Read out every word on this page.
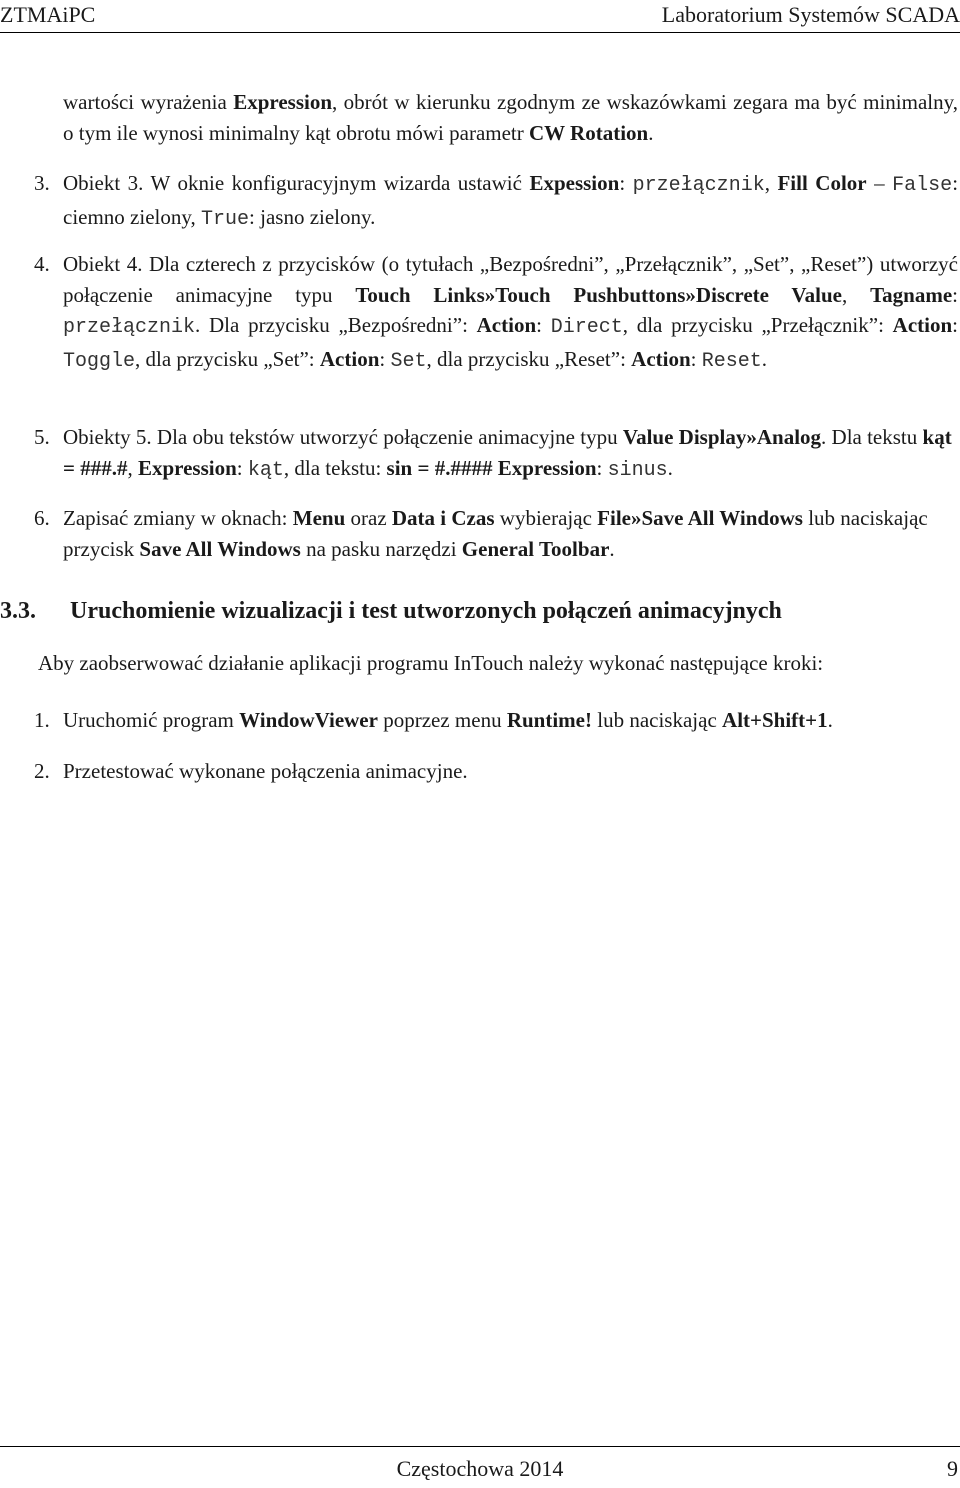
ZTMAiPC	Laboratorium Systemów SCADA
wartości wyrażenia Expression, obrót w kierunku zgodnym ze wskazówkami zegara ma być minimalny, o tym ile wynosi minimalny kąt obrotu mówi parametr CW Rotation.
3. Obiekt 3. W oknie konfiguracyjnym wizarda ustawić Expession: przełącznik, Fill Color – False: ciemno zielony, True: jasno zielony.
4. Obiekt 4. Dla czterech z przycisków (o tytułach „Bezpośredni”, „Przełącznik”, „Set”, „Reset”) utworzyć połączenie animacyjne typu Touch Links»Touch Pushbuttons»Discrete Value, Tagname: przełącznik. Dla przycisku „Bezpośredni”: Action: Direct, dla przycisku „Przełącznik”: Action: Toggle, dla przycisku „Set”: Action: Set, dla przycisku „Reset”: Action: Reset.
5. Obiekty 5. Dla obu tekstów utworzyć połączenie animacyjne typu Value Display»Analog. Dla tekstu kąt = ###.#, Expression: kąt, dla tekstu: sin = #.#### Expression: sinus.
6. Zapisać zmiany w oknach: Menu oraz Data i Czas wybierając File»Save All Windows lub naciskając przycisk Save All Windows na pasku narzędzi General Toolbar.
3.3. Uruchomienie wizualizacji i test utworzonych połączeń animacyjnych
Aby zaobserwować działanie aplikacji programu InTouch należy wykonać następujące kroki:
1. Uruchomić program WindowViewer poprzez menu Runtime! lub naciskając Alt+Shift+1.
2. Przetestować wykonane połączenia animacyjne.
Częstochowa 2014	9
